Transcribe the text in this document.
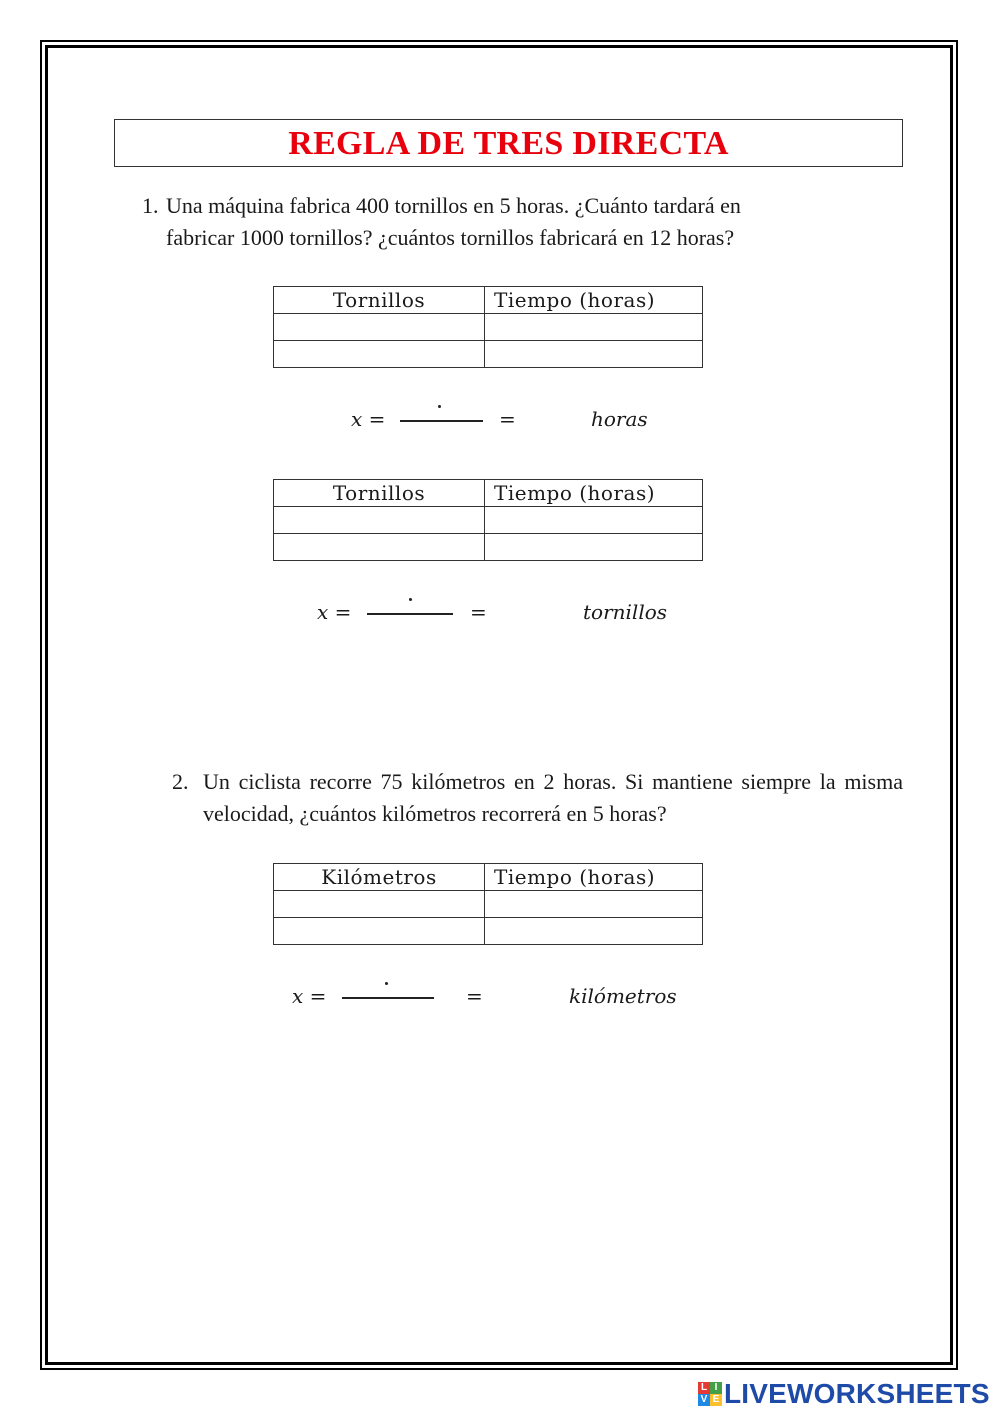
REGLA DE TRES DIRECTA
1. Una máquina fabrica 400 tornillos en 5 horas. ¿Cuánto tardará en
fabricar 1000 tornillos? ¿cuántos tornillos fabricará en 12 horas?
Tornillos	Tiempo (horas)

x =	=	horas
Tornillos	Tiempo (horas)

x =	=	tornillos
2. Un ciclista recorre 75 kilómetros en 2 horas. Si mantiene siempre la misma velocidad, ¿cuántos kilómetros recorrerá en 5 horas?
Kilómetros	Tiempo (horas)

x =	=	kilómetros
L I
V E LIVEWORKSHEETS
